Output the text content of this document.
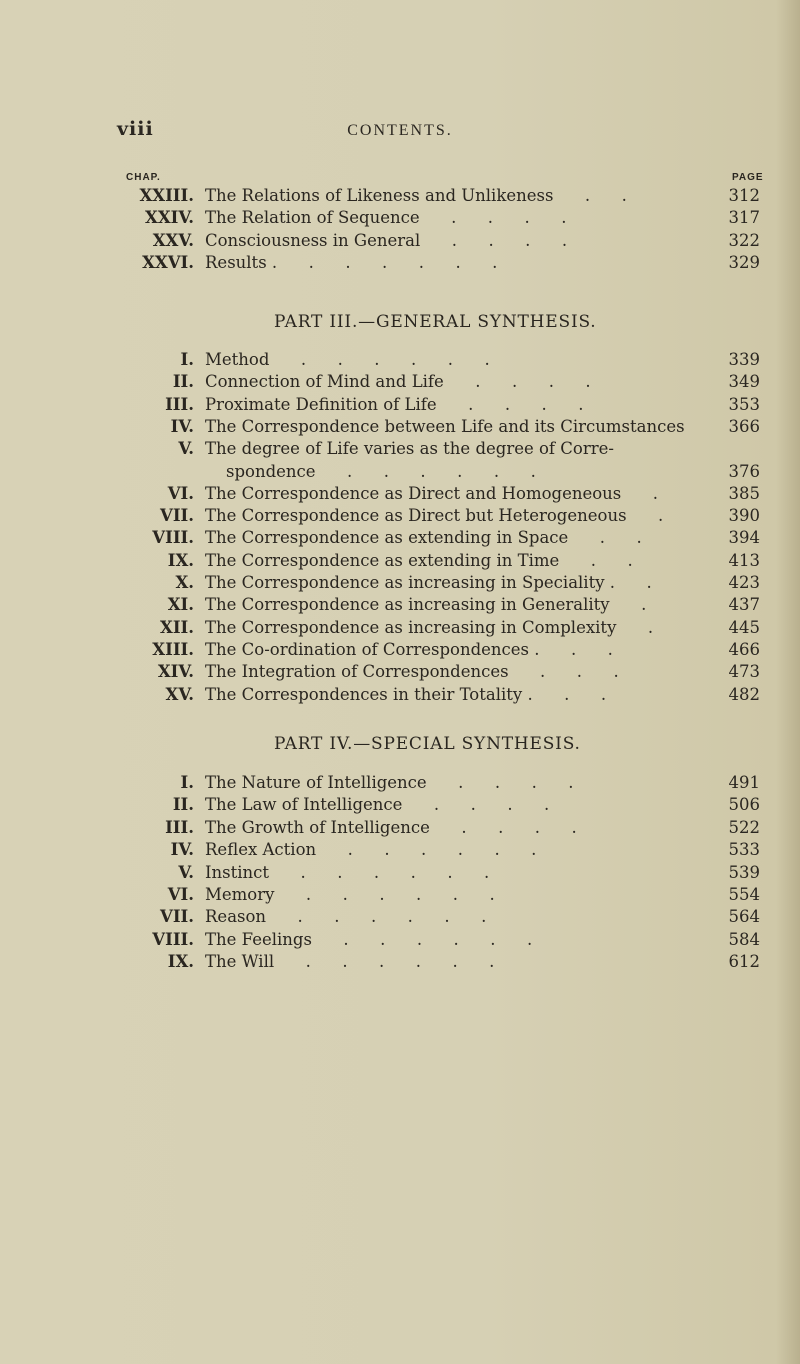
viii	CONTENTS.
CHAP.	PAGE
XXIII. The Relations of Likeness and Unlikeness      .      .	312
XXIV. The Relation of Sequence      .      .      .      .	317
XXV. Consciousness in General      .      .      .      .	322
XXVI. Results .      .      .      .      .      .      .	329
PART III.—GENERAL SYNTHESIS.
I. Method      .      .      .      .      .      .	339
II. Connection of Mind and Life      .      .      .      .	349
III. Proximate Definition of Life      .      .      .      .	353
IV. The Correspondence between Life and its Circumstances	366
V. The degree of Life varies as the degree of Corre-
spondence      .      .      .      .      .      .	376
VI. The Correspondence as Direct and Homogeneous      .	385
VII. The Correspondence as Direct but Heterogeneous      .	390
VIII. The Correspondence as extending in Space      .      .	394
IX. The Correspondence as extending in Time      .      .	413
X. The Correspondence as increasing in Speciality .      .	423
XI. The Correspondence as increasing in Generality      .	437
XII. The Correspondence as increasing in Complexity      .	445
XIII. The Co-ordination of Correspondences .      .      .	466
XIV. The Integration of Correspondences      .      .      .	473
XV. The Correspondences in their Totality .      .      .	482
PART IV.—SPECIAL SYNTHESIS.
I. The Nature of Intelligence      .      .      .      .	491
II. The Law of Intelligence      .      .      .      .	506
III. The Growth of Intelligence      .      .      .      .	522
IV. Reflex Action      .      .      .      .      .      .	533
V. Instinct      .      .      .      .      .      .	539
VI. Memory      .      .      .      .      .      .	554
VII. Reason      .      .      .      .      .      .	564
VIII. The Feelings      .      .      .      .      .      .	584
IX. The Will      .      .      .      .      .      .	612
